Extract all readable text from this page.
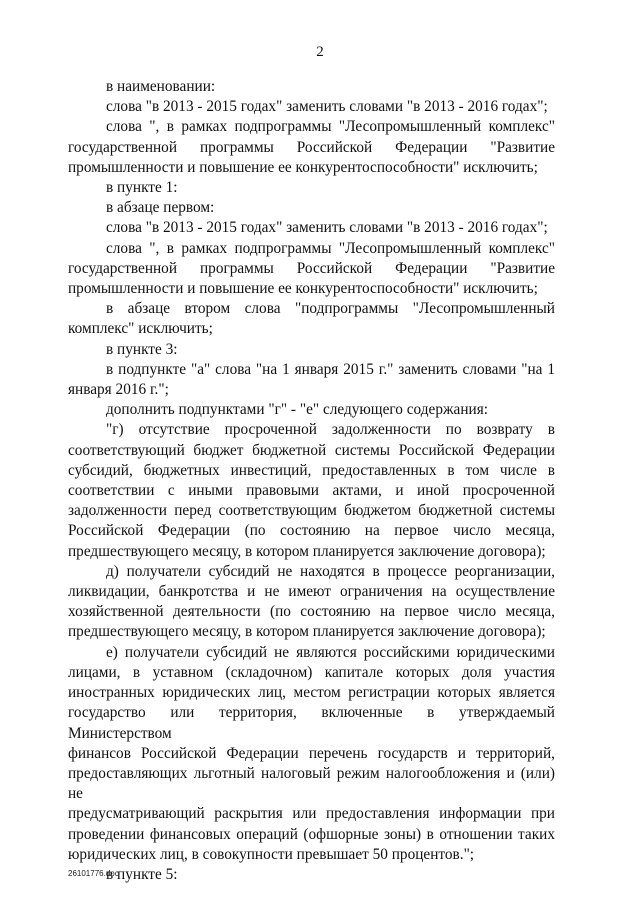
2

в наименовании:

слова "в 2013 - 2015 годах" заменить словами "в 2013 - 2016 годах";

слова ", в рамках подпрограммы "Лесопромышленный комплекс"
государственной программы Российской Федерации "Развитие
промышленности и повышение ее конкурентоспособности" исключить;

в пункте 1:

в абзаце первом:

слова "в 2013 - 2015 годах" заменить словами "в 2013 - 2016 годах";

слова ", в рамках подпрограммы "Лесопромышленный комплекс"
государственной программы Российской Федерации "Развитие
промышленности и повышение ее конкурентоспособности" исключить;

в абзаце втором слова "подпрограммы "Лесопромышленный
комплекс" исключить;

в пункте 3:

в подпункте "а" слова "на 1 января 2015 г." заменить словами "на 1
января 2016 г.";

дополнить подпунктами "г" - "е" следующего содержания:

"г) отсутствие просроченной задолженности по возврату в
соответствующий бюджет бюджетной системы Российской Федерации
субсидий, бюджетных инвестиций, предоставленных в том числе в
соответствии с иными правовыми актами, и иной просроченной
задолженности перед соответствующим бюджетом бюджетной системы
Российской Федерации (по состоянию на первое число месяца,
предшествующего месяцу, в котором планируется заключение договора);

д) получатели субсидий не находятся в процессе реорганизации,
ликвидации, банкротства и не имеют ограничения на осуществление
хозяйственной деятельности (по состоянию на первое число месяца,
предшествующего месяцу, в котором планируется заключение договора);

е) получатели субсидий не являются российскими юридическими
лицами, в уставном (складочном) капитале которых доля участия
иностранных юридических лиц, местом регистрации которых является
государство или территория, включенные в утверждаемый Министерством
финансов Российской Федерации перечень государств и территорий,
предоставляющих льготный налоговый режим налогообложения и (или) не
предусматривающий раскрытия или предоставления информации при
проведении финансовых операций (офшорные зоны) в отношении таких
юридических лиц, в совокупности превышает 50 процентов.";

в пункте 5:

26101776.doc
